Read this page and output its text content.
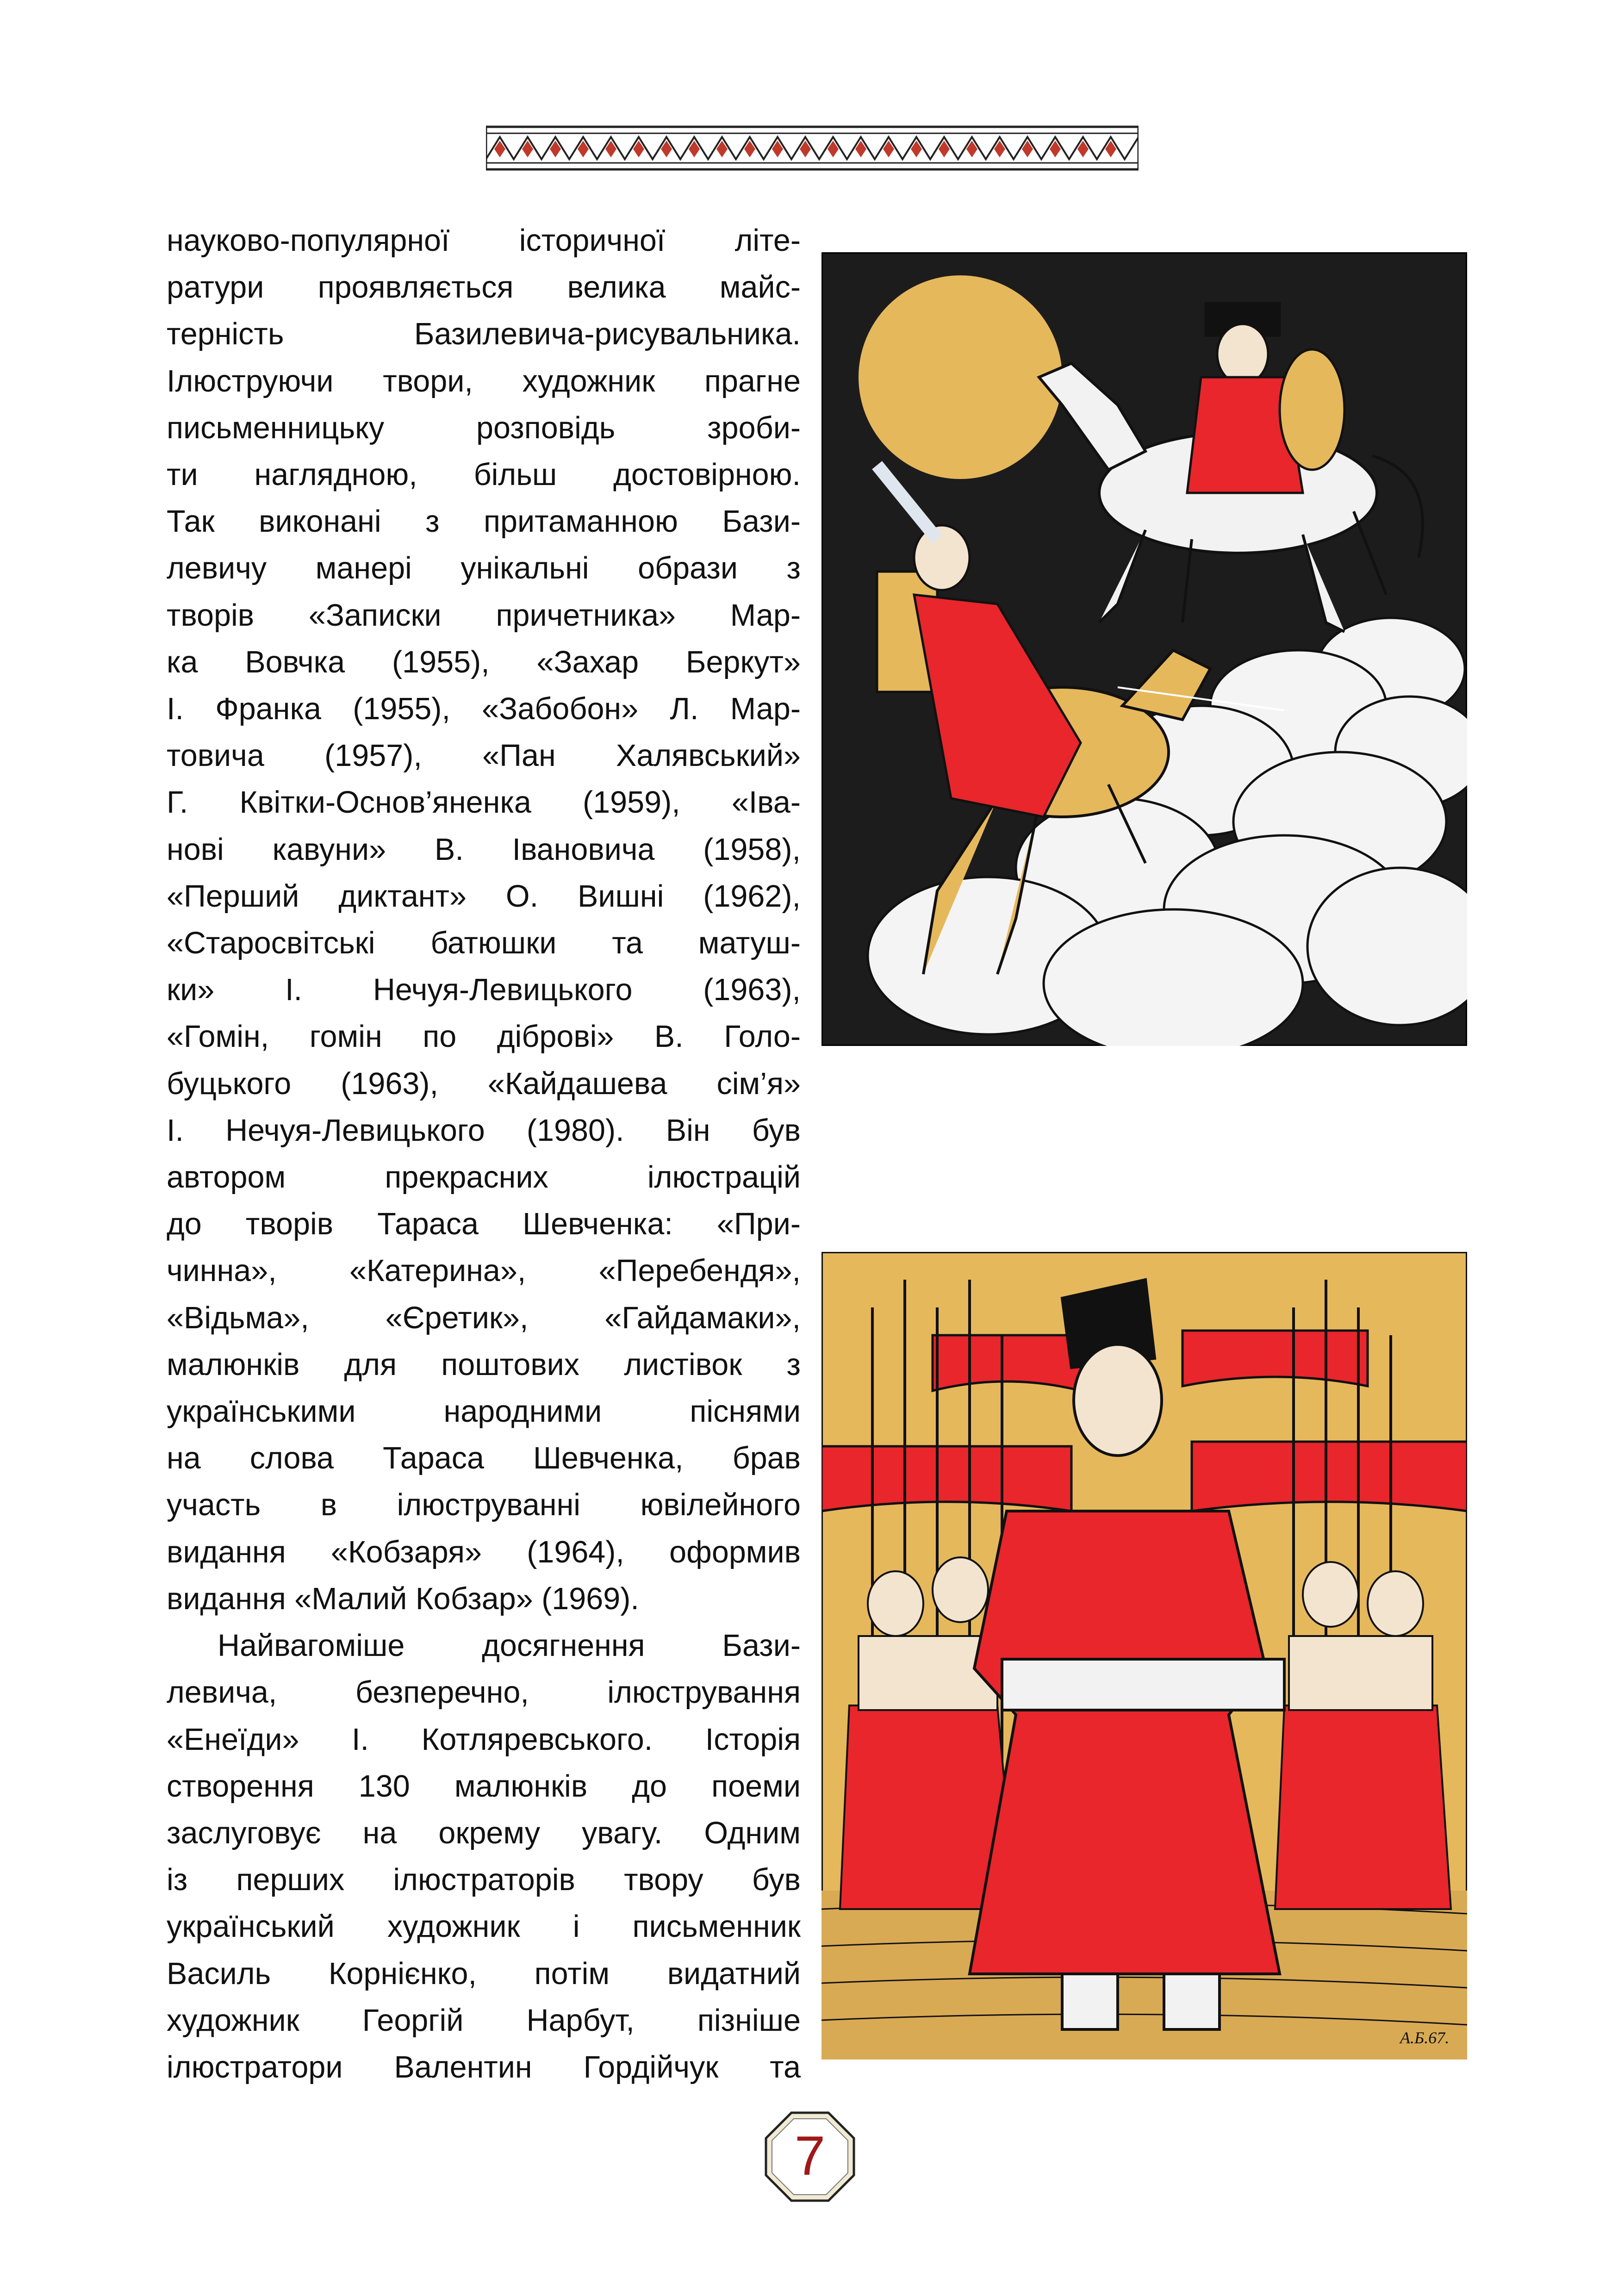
науково-популярної історичної літе-
ратури проявляється велика майс-
терність Базилевича-рисувальника.
Ілюструючи твори, художник прагне
письменницьку розповідь зроби-
ти наглядною, більш достовірною.
Так виконані з притаманною Бази-
левичу манері унікальні образи з
творів «Записки причетника» Мар-
ка Вовчка (1955), «Захар Беркут»
І. Франка (1955), «Забобон» Л. Мар-
товича (1957), «Пан Халявський»
Г. Квітки-Основ’яненка (1959), «Іва-
нові кавуни» В. Івановича (1958),
«Перший диктант» О. Вишні (1962),
«Старосвітські батюшки та матуш-
ки» І. Нечуя-Левицького (1963),
«Гомін, гомін по діброві» В. Голо-
буцького (1963), «Кайдашева сім’я»
І. Нечуя-Левицького (1980). Він був
автором прекрасних ілюстрацій
до творів Тараса Шевченка: «При-
чинна», «Катерина», «Перебендя»,
«Відьма», «Єретик», «Гайдамаки»,
малюнків для поштових листівок з
українськими народними піснями
на слова Тараса Шевченка, брав
участь в ілюструванні ювілейного
видання «Кобзаря» (1964), оформив
видання «Малий Кобзар» (1969).
Найвагоміше досягнення Бази-
левича, безперечно, ілюстрування
«Енеїди» І. Котляревського. Історія
створення 130 малюнків до поеми
заслуговує на окрему увагу. Одним
із перших ілюстраторів твору був
український художник і письменник
Василь Корнієнко, потім видатний
художник Георгій Нарбут, пізніше
ілюстратори Валентин Гордійчук та
А.Б.67.
7
